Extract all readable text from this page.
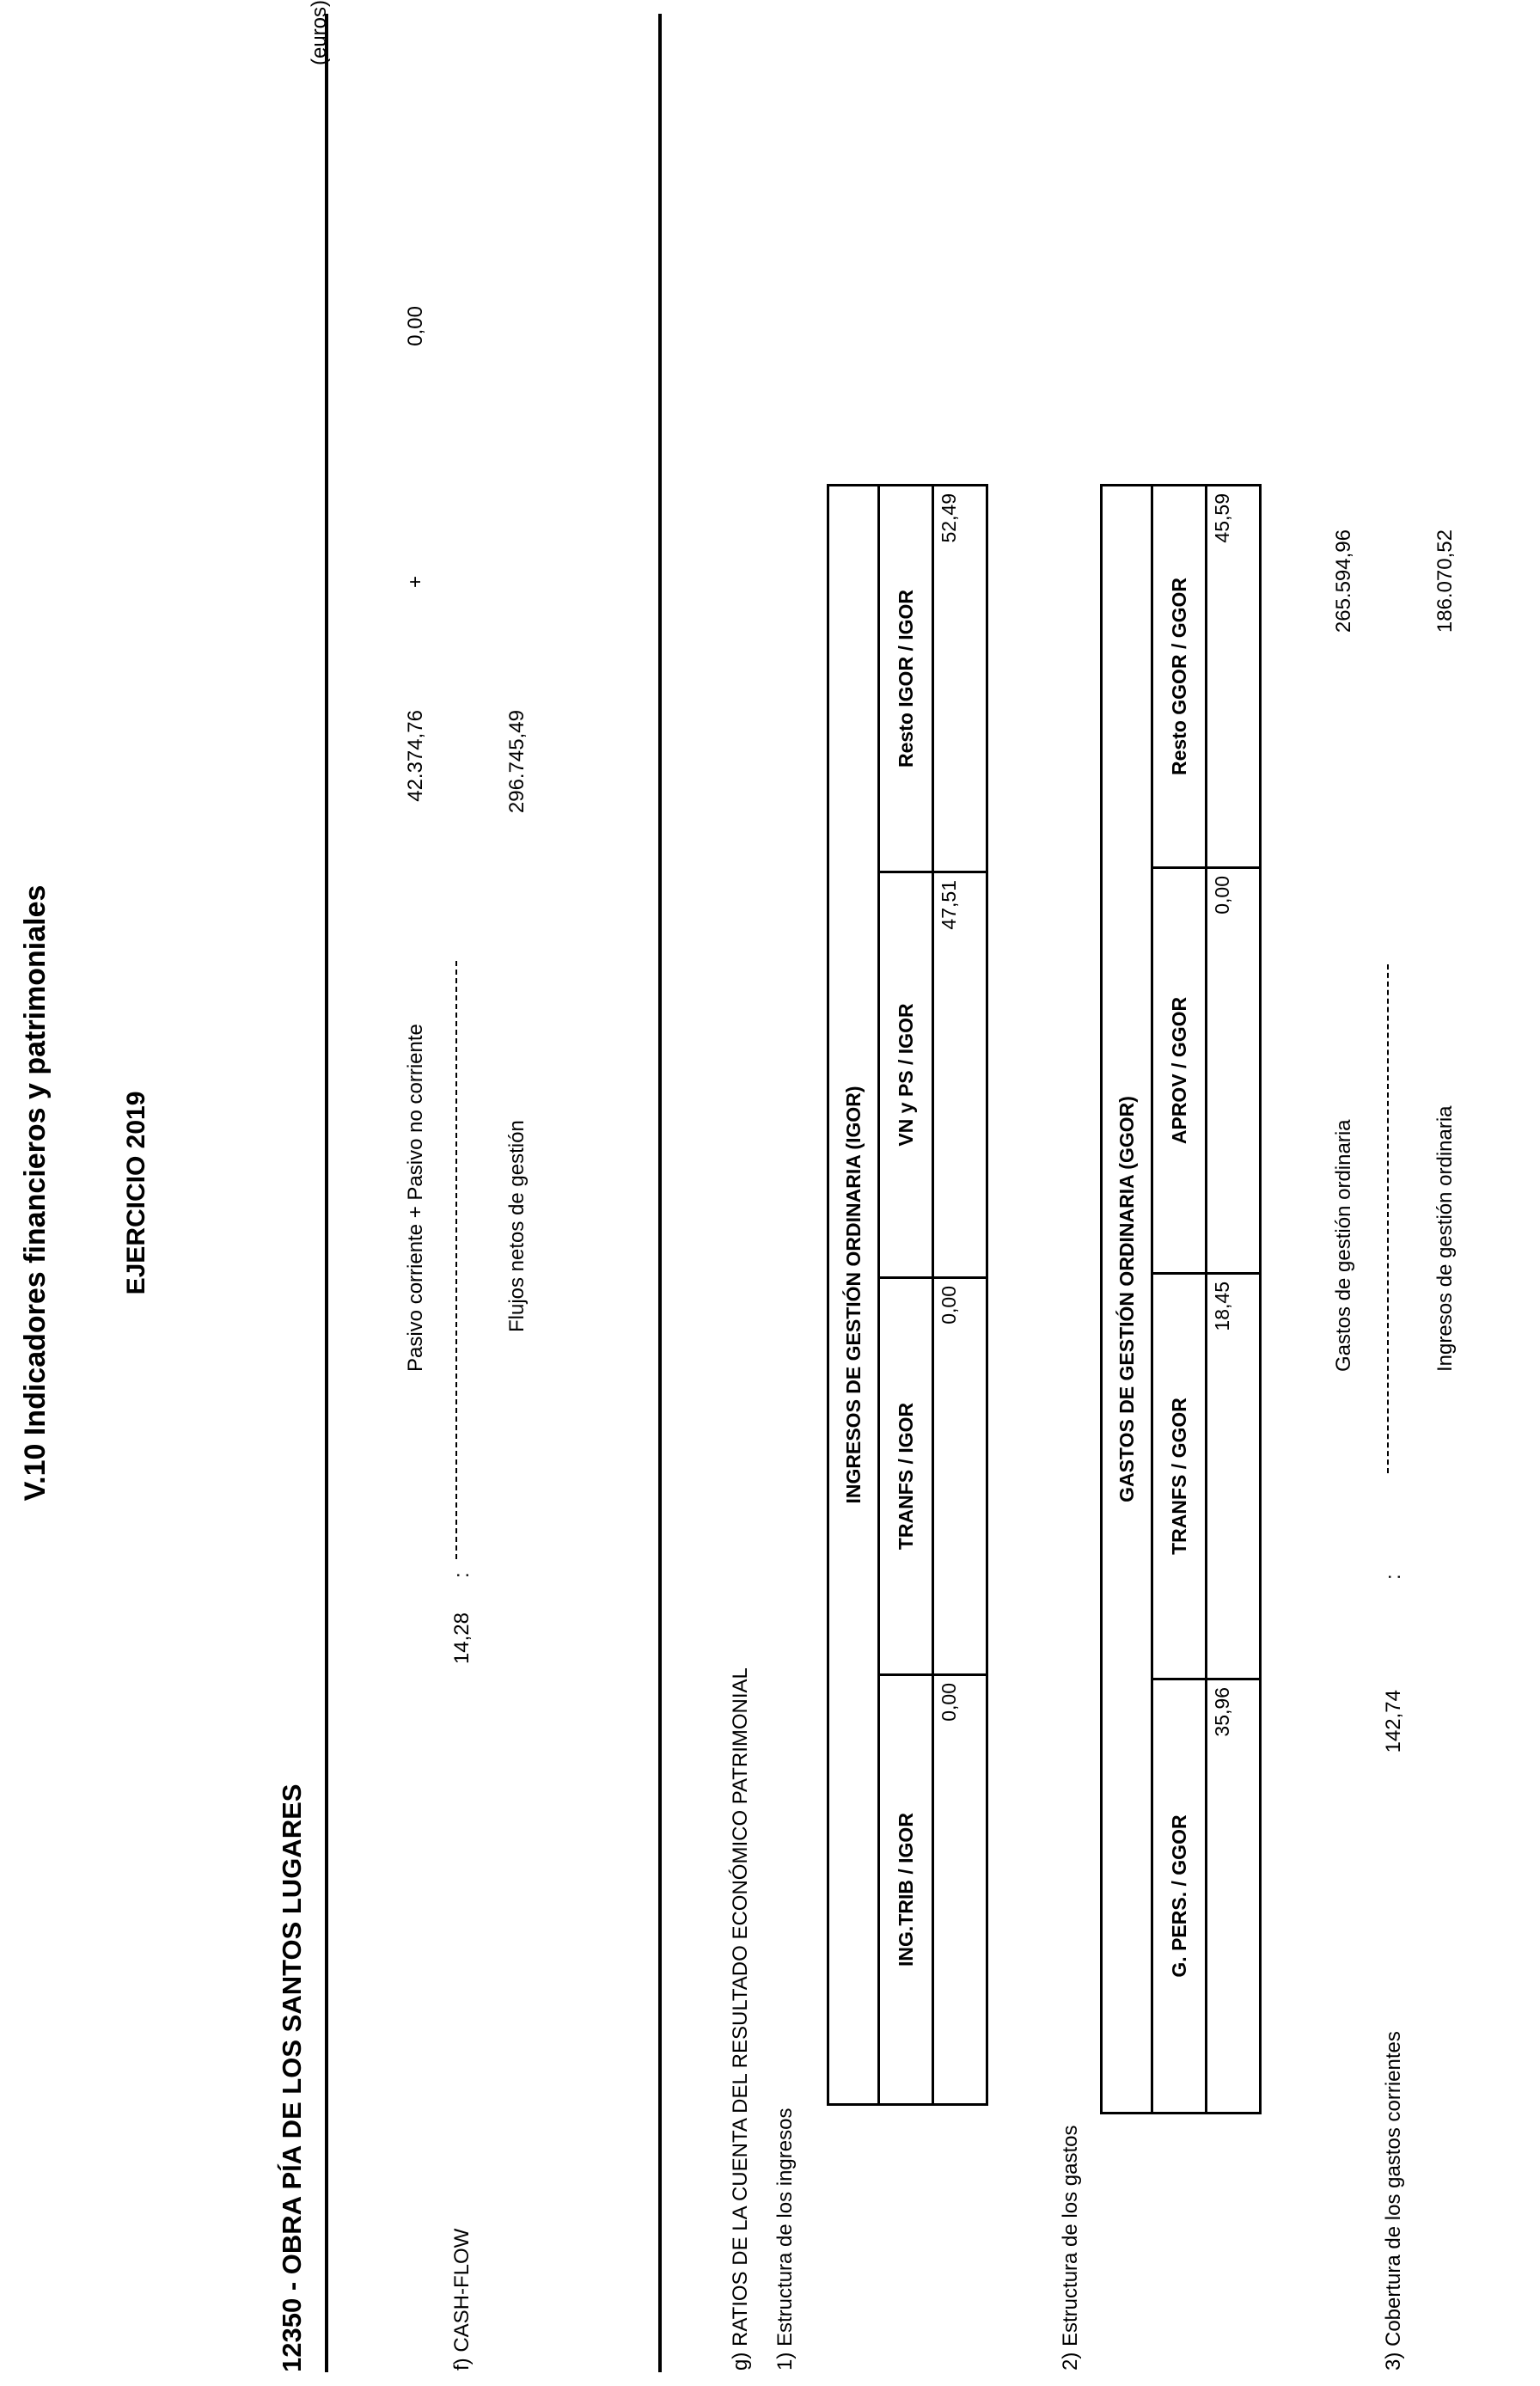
V.10 Indicadores financieros y patrimoniales	EJERCICIO 2019
12350 - OBRA PÍA DE LOS SANTOS LUGARES
(euros)
f) CASH-FLOW
14,28
:
Pasivo corriente + Pasivo no corriente
42.374,76
+
0,00
Flujos netos de gestión
296.745,49
g) RATIOS DE LA CUENTA DEL RESULTADO ECONÓMICO PATRIMONIAL 1) Estructura de los ingresos
INGRESOS DE GESTIÓN ORDINARIA (IGOR)			
ING.TRIB / IGOR	TRANFS / IGOR	VN y PS / IGOR	Resto IGOR / IGOR
0,00	0,00	47,51	52,49
2) Estructura de los gastos
GASTOS DE GESTIÓN ORDINARIA (GGOR)			
G. PERS. / GGOR	TRANFS / GGOR	APROV / GGOR	Resto GGOR / GGOR
35,96	18,45	0,00	45,59
3) Cobertura de los gastos corrientes
142,74
:
Gastos de gestión ordinaria
265.594,96
Ingresos de gestión ordinaria
186.070,52
